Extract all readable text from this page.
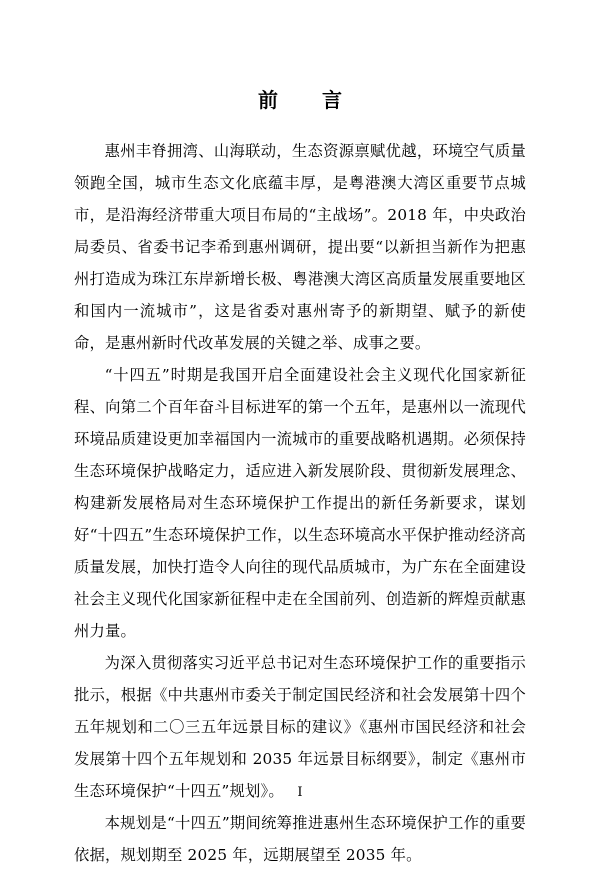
前　言

惠州丰脊拥湾、山海联动，生态资源禀赋优越，环境空气质量领跑全国，城市生态文化底蕴丰厚，是粤港澳大湾区重要节点城市，是沿海经济带重大项目布局的“主战场”。2018 年，中央政治局委员、省委书记李希到惠州调研，提出要“以新担当新作为把惠州打造成为珠江东岸新增长极、粤港澳大湾区高质量发展重要地区和国内一流城市”，这是省委对惠州寄予的新期望、赋予的新使命，是惠州新时代改革发展的关键之举、成事之要。

“十四五”时期是我国开启全面建设社会主义现代化国家新征程、向第二个百年奋斗目标进军的第一个五年，是惠州以一流现代环境品质建设更加幸福国内一流城市的重要战略机遇期。必须保持生态环境保护战略定力，适应进入新发展阶段、贯彻新发展理念、构建新发展格局对生态环境保护工作提出的新任务新要求，谋划好“十四五”生态环境保护工作，以生态环境高水平保护推动经济高质量发展，加快打造令人向往的现代品质城市，为广东在全面建设社会主义现代化国家新征程中走在全国前列、创造新的辉煌贡献惠州力量。

为深入贯彻落实习近平总书记对生态环境保护工作的重要指示批示，根据《中共惠州市委关于制定国民经济和社会发展第十四个五年规划和二〇三五年远景目标的建议》《惠州市国民经济和社会发展第十四个五年规划和 2035 年远景目标纲要》，制定《惠州市生态环境保护“十四五”规划》。

本规划是“十四五”期间统筹推进惠州生态环境保护工作的重要依据，规划期至 2025 年，远期展望至 2035 年。

I
